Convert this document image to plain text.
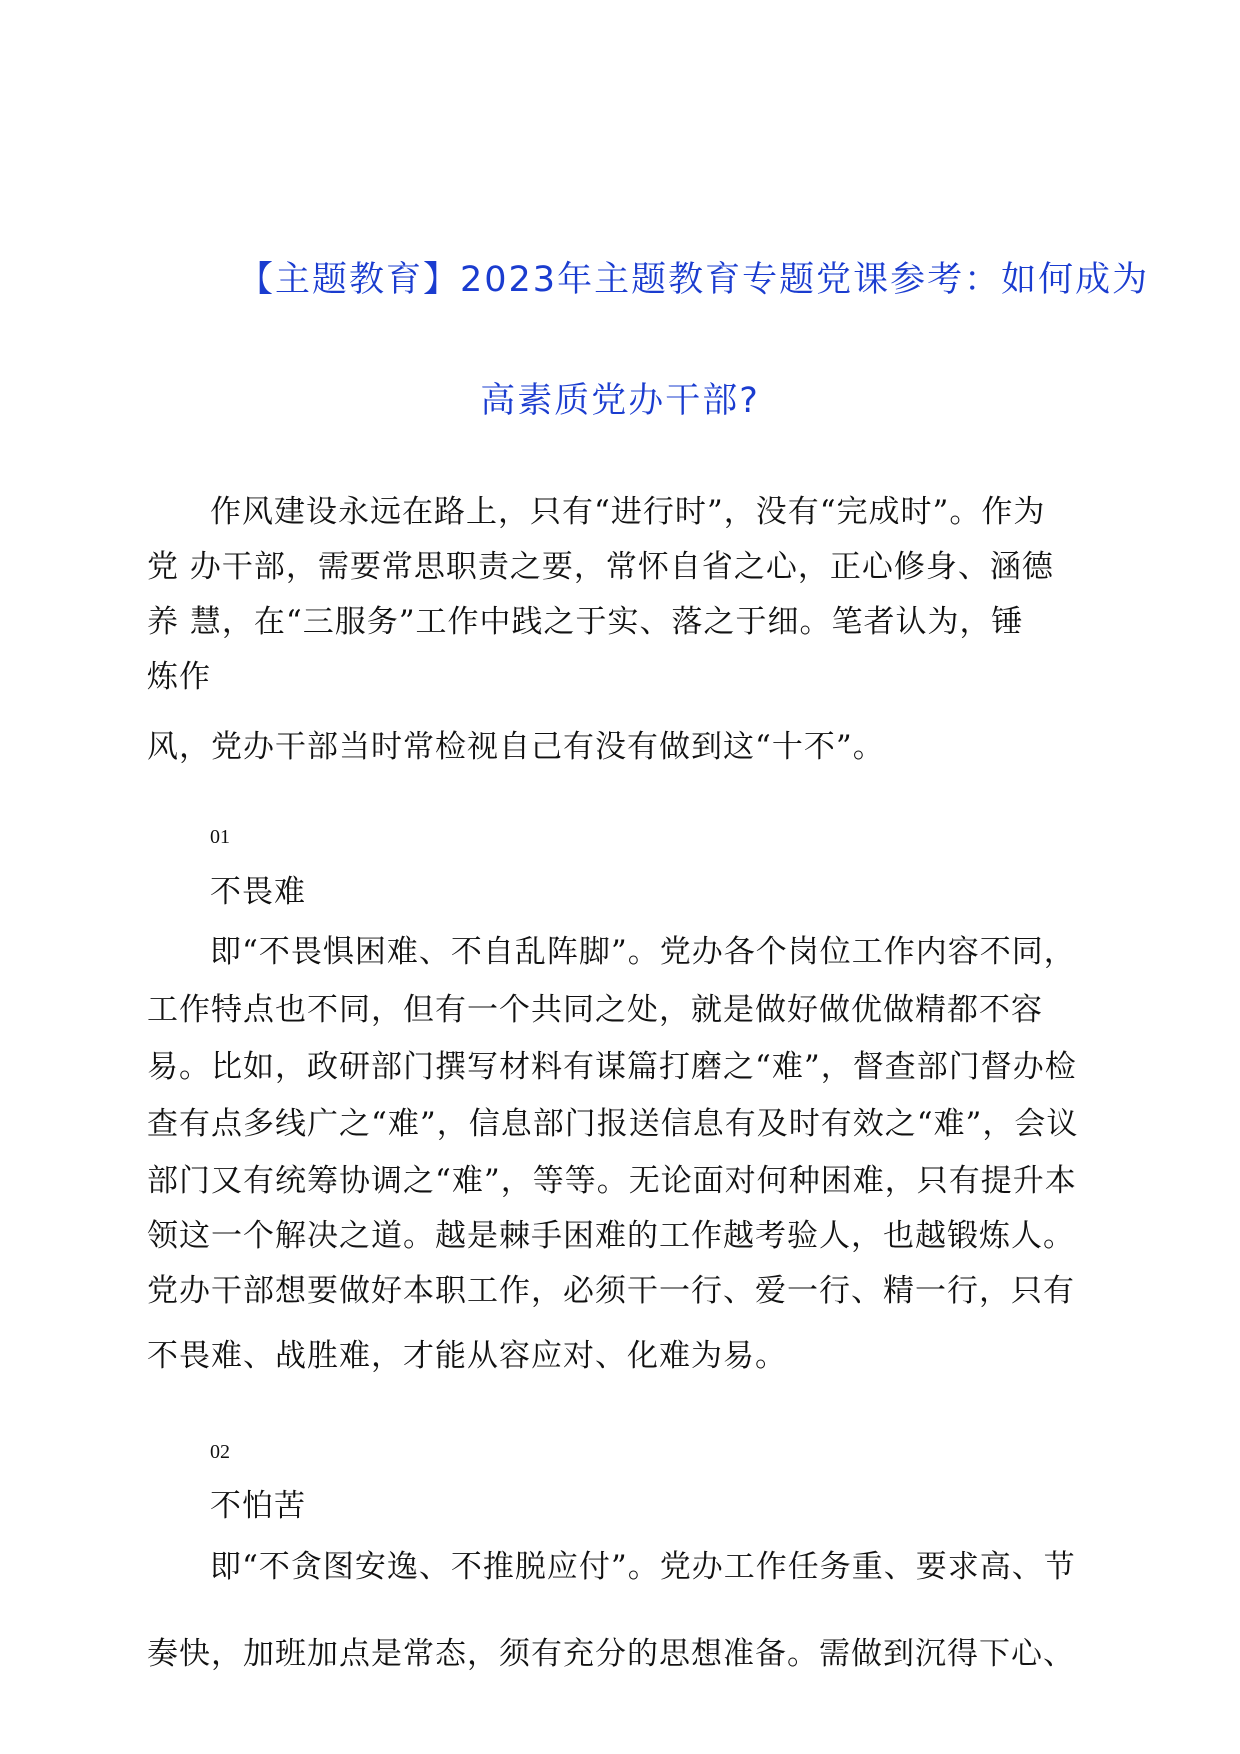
【主题教育】2023年主题教育专题党课参考：如何成为
高素质党办干部?
作风建设永远在路上，只有“进行时”，没有“完成时”。作为
党 办干部，需要常思职责之要，常怀自省之心，正心修身、涵德
养 慧，在“三服务”工作中践之于实、落之于细。笔者认为，锤
炼作
风，党办干部当时常检视自己有没有做到这“十不”。
01
不畏难
即“不畏惧困难、不自乱阵脚”。党办各个岗位工作内容不同，
工作特点也不同，但有一个共同之处，就是做好做优做精都不容
易。比如，政研部门撰写材料有谋篇打磨之“难”，督查部门督办检
查有点多线广之“难”，信息部门报送信息有及时有效之“难”，会议
部门又有统筹协调之“难”，等等。无论面对何种困难，只有提升本
领这一个解决之道。越是棘手困难的工作越考验人，也越锻炼人。
党办干部想要做好本职工作，必须干一行、爱一行、精一行，只有
不畏难、战胜难，才能从容应对、化难为易。
02
不怕苦
即“不贪图安逸、不推脱应付”。党办工作任务重、要求高、节
奏快，加班加点是常态，须有充分的思想准备。需做到沉得下心、
